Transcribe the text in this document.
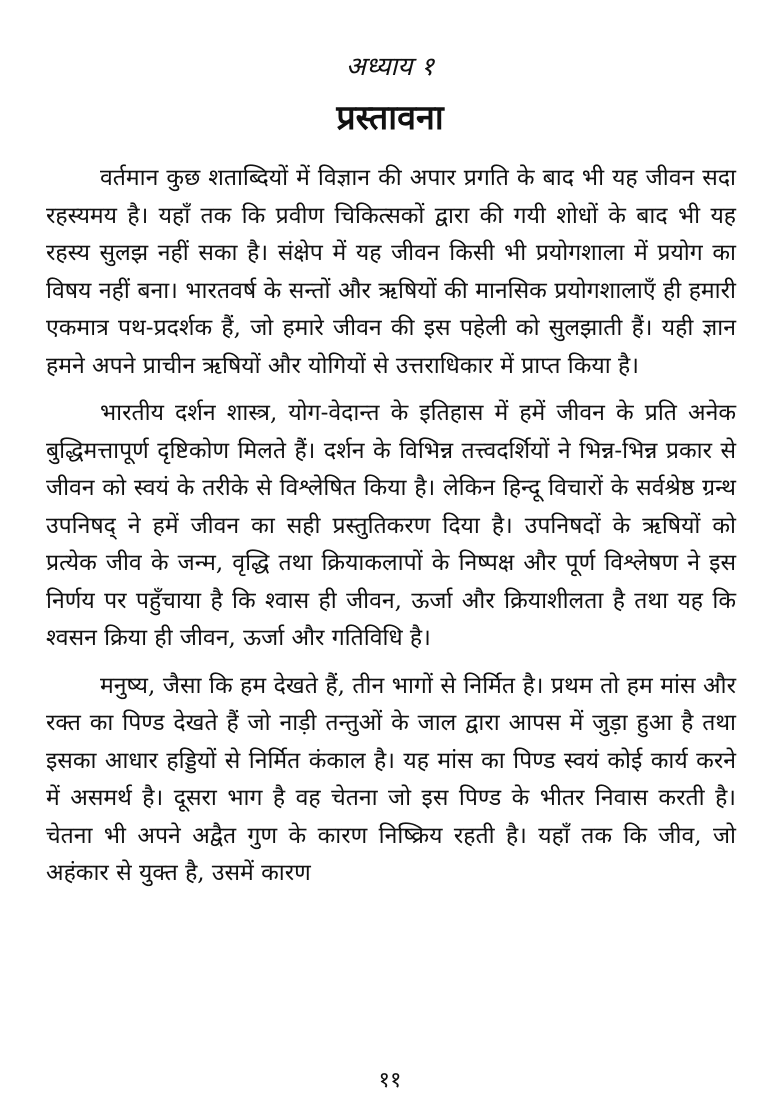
अध्याय १
प्रस्तावना

वर्तमान कुछ शताब्दियों में विज्ञान की अपार प्रगति के बाद भी यह जीवन सदा रहस्यमय है। यहाँ तक कि प्रवीण चिकित्सकों द्वारा की गयी शोधों के बाद भी यह रहस्य सुलझ नहीं सका है। संक्षेप में यह जीवन किसी भी प्रयोगशाला में प्रयोग का विषय नहीं बना। भारतवर्ष के सन्तों और ऋषियों की मानसिक प्रयोगशालाएँ ही हमारी एकमात्र पथ-प्रदर्शक हैं, जो हमारे जीवन की इस पहेली को सुलझाती हैं। यही ज्ञान हमने अपने प्राचीन ऋषियों और योगियों से उत्तराधिकार में प्राप्त किया है।

भारतीय दर्शन शास्त्र, योग-वेदान्त के इतिहास में हमें जीवन के प्रति अनेक बुद्धिमत्तापूर्ण दृष्टिकोण मिलते हैं। दर्शन के विभिन्न तत्त्वदर्शियों ने भिन्न-भिन्न प्रकार से जीवन को स्वयं के तरीके से विश्लेषित किया है। लेकिन हिन्दू विचारों के सर्वश्रेष्ठ ग्रन्थ उपनिषद् ने हमें जीवन का सही प्रस्तुतिकरण दिया है। उपनिषदों के ऋषियों को प्रत्येक जीव के जन्म, वृद्धि तथा क्रियाकलापों के निष्पक्ष और पूर्ण विश्लेषण ने इस निर्णय पर पहुँचाया है कि श्वास ही जीवन, ऊर्जा और क्रियाशीलता है तथा यह कि श्वसन क्रिया ही जीवन, ऊर्जा और गतिविधि है।

मनुष्य, जैसा कि हम देखते हैं, तीन भागों से निर्मित है। प्रथम तो हम मांस और रक्त का पिण्ड देखते हैं जो नाड़ी तन्तुओं के जाल द्वारा आपस में जुड़ा हुआ है तथा इसका आधार हड्डियों से निर्मित कंकाल है। यह मांस का पिण्ड स्वयं कोई कार्य करने में असमर्थ है। दूसरा भाग है वह चेतना जो इस पिण्ड के भीतर निवास करती है। चेतना भी अपने अद्वैत गुण के कारण निष्क्रिय रहती है। यहाँ तक कि जीव, जो अहंकार से युक्त है, उसमें कारण

११
